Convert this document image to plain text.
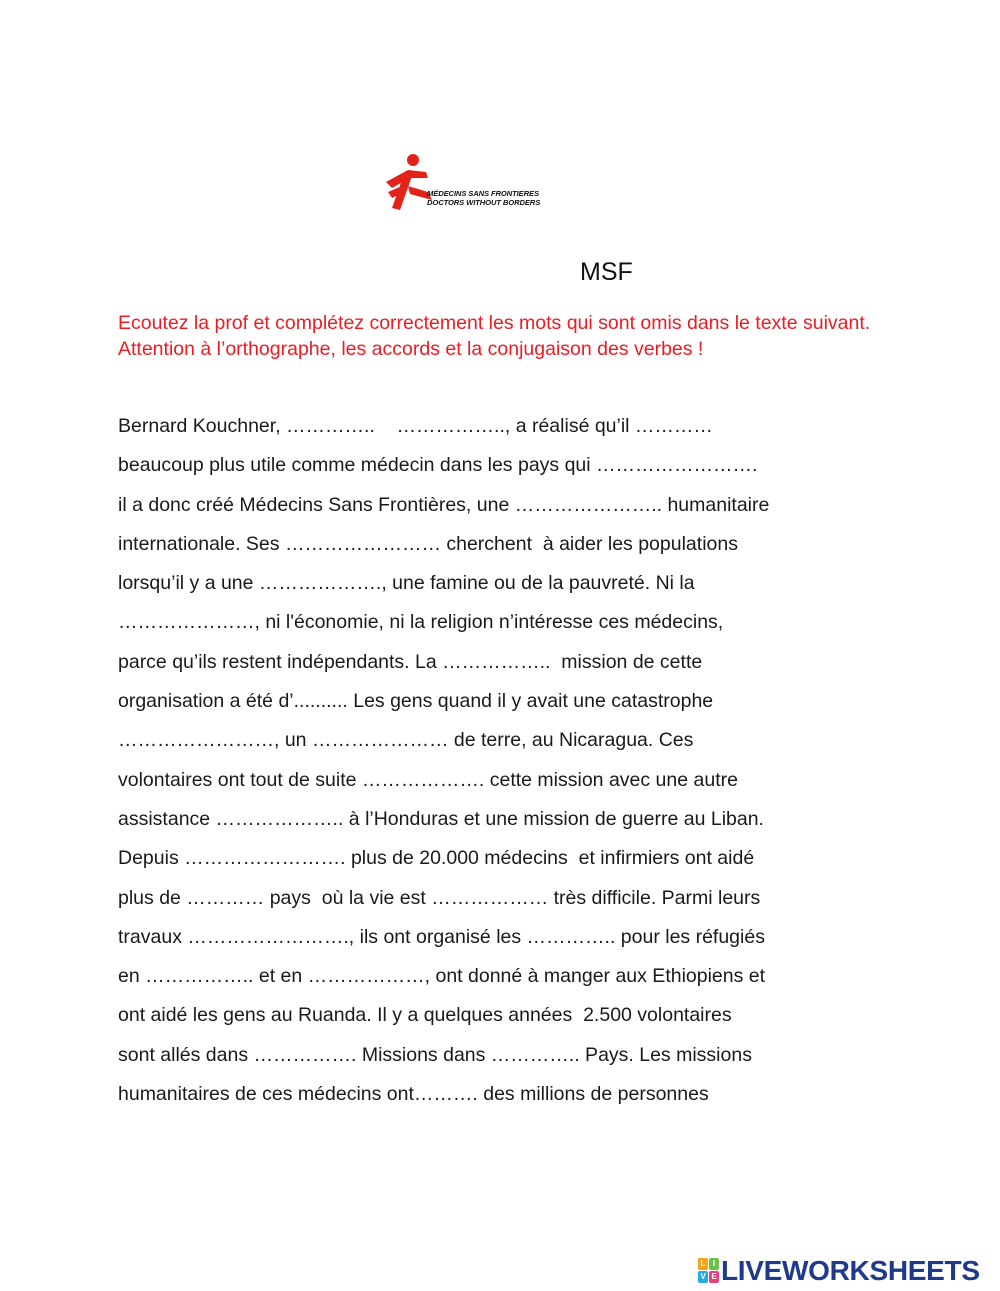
MÉDECINS SANS FRONTIERES
DOCTORS WITHOUT BORDERS
MSF

Ecoutez la prof et complétez correctement les mots qui sont omis dans le texte suivant. Attention à l’orthographe, les accords et la conjugaison des verbes !

Bernard Kouchner, …………..    …………….., a réalisé qu’il …………
beaucoup plus utile comme médecin dans les pays qui …………………….
il a donc créé Médecins Sans Frontières, une ………………….. humanitaire
internationale. Ses …………………… cherchent  à aider les populations
lorsqu’il y a une ………………., une famine ou de la pauvreté. Ni la
…………………, ni l'économie, ni la religion n’intéresse ces médecins,
parce qu’ils restent indépendants. La ……………..  mission de cette
organisation a été d’.......... Les gens quand il y avait une catastrophe
……………………, un ………………… de terre, au Nicaragua. Ces
volontaires ont tout de suite ………………. cette mission avec une autre
assistance ……………….. à l’Honduras et une mission de guerre au Liban.
Depuis ……………………. plus de 20.000 médecins  et infirmiers ont aidé
plus de ………… pays  où la vie est ……………… très difficile. Parmi leurs
travaux ……………………., ils ont organisé les ………….. pour les réfugiés
en …………….. et en ………………, ont donné à manger aux Ethiopiens et
ont aidé les gens au Ruanda. Il y a quelques années  2.500 volontaires
sont allés dans ……………. Missions dans ………….. Pays. Les missions
humanitaires de ces médecins ont………. des millions de personnes
L I
V E LIVEWORKSHEETS
